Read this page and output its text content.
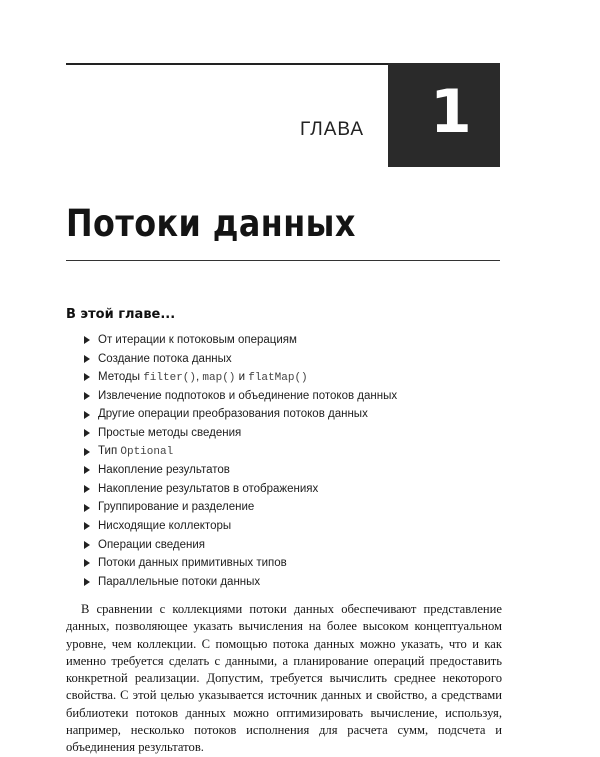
1
ГЛАВА
Потоки данных
В этой главе...
От итерации к потоковым операциям
Создание потока данных
Методы filter(), map() и flatMap()
Извлечение подпотоков и объединение потоков данных
Другие операции преобразования потоков данных
Простые методы сведения
Тип Optional
Накопление результатов
Накопление результатов в отображениях
Группирование и разделение
Нисходящие коллекторы
Операции сведения
Потоки данных примитивных типов
Параллельные потоки данных

В сравнении с коллекциями потоки данных обеспечивают представление данных, позволяющее указать вычисления на более высоком концептуальном уровне, чем коллекции. С помощью потока данных можно указать, что и как именно требуется сделать с данными, а планирование операций предоставить конкретной реализации. Допустим, требуется вычислить среднее некоторого свойства. С этой целью указывается источник данных и свойство, а средствами библиотеки потоков данных можно оптимизировать вычисление, используя, например, несколько потоков исполнения для расчета сумм, подсчета и объединения результатов.
